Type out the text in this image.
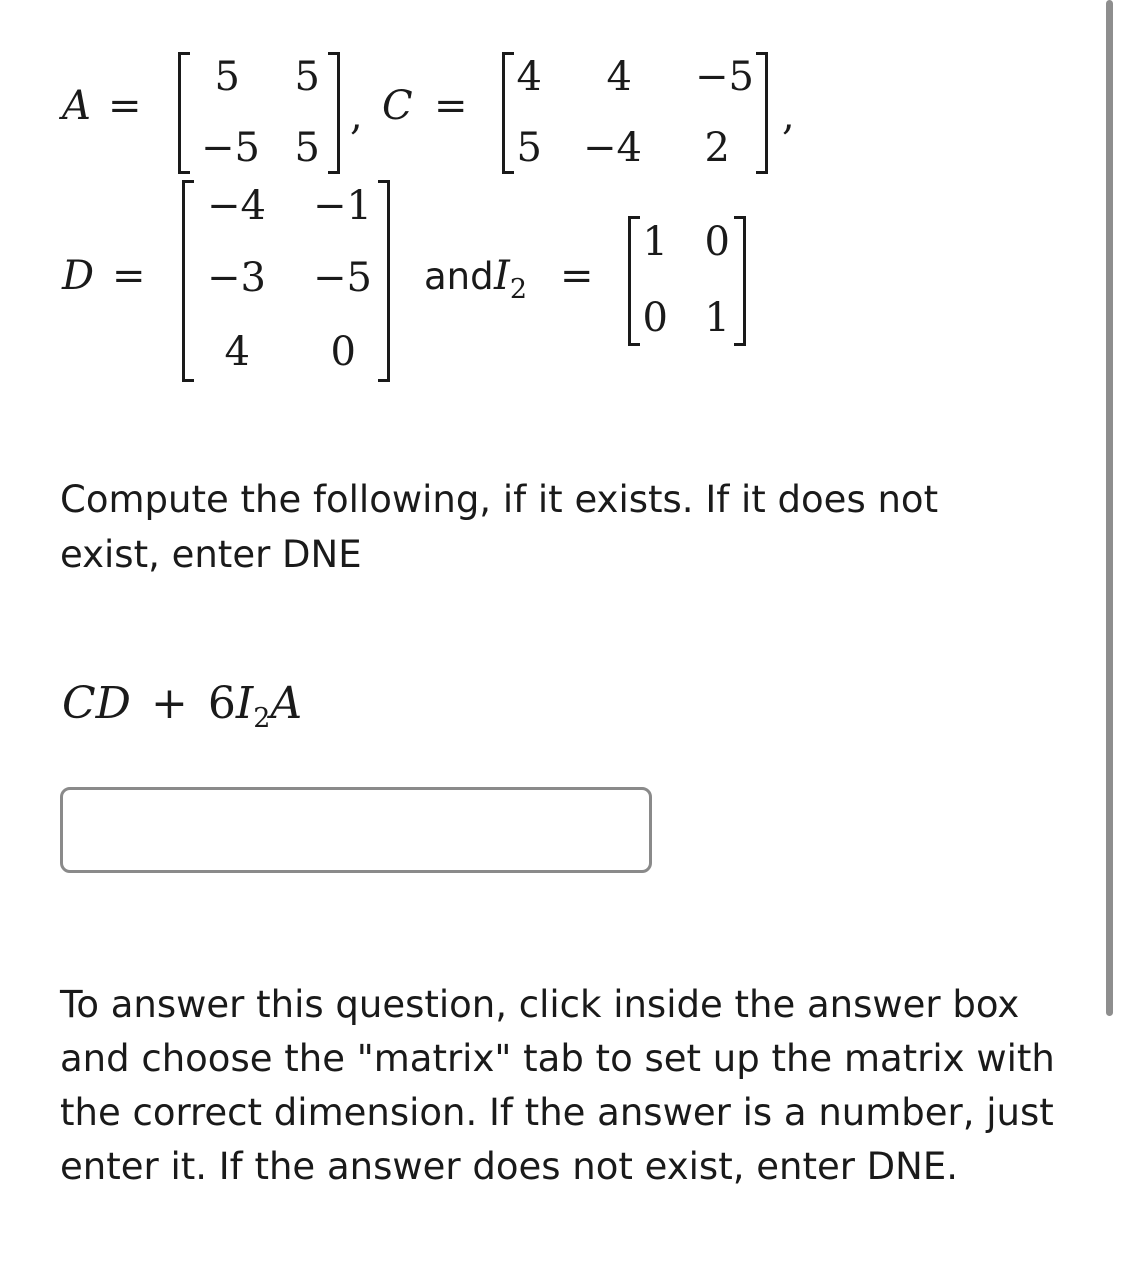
A =
5	5
−5 5
, C =
4	4 −5
5 −4	2
,
D =
−4 −1
−3 −5
4	0
and $I_2$ =
1 0
0 1
Compute the following, if it exists. If it does not exist, enter DNE
CD + $6I_2A$
To answer this question, click inside the answer box and choose the "matrix" tab to set up the matrix with the correct dimension. If the answer is a number, just enter it. If the answer does not exist, enter DNE.
